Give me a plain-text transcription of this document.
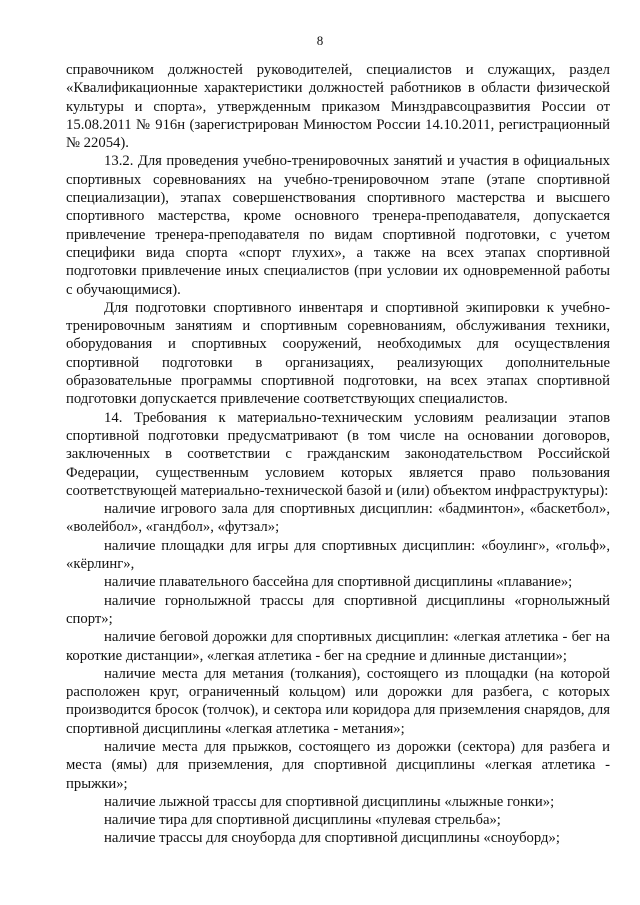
8

справочником должностей руководителей, специалистов и служащих, раздел «Квалификационные характеристики должностей работников в области физической культуры и спорта», утвержденным приказом Минздравсоцразвития России от 15.08.2011 № 916н (зарегистрирован Минюстом России 14.10.2011, регистрационный № 22054).

13.2. Для проведения учебно-тренировочных занятий и участия в официальных спортивных соревнованиях на учебно-тренировочном этапе (этапе спортивной специализации), этапах совершенствования спортивного мастерства и высшего спортивного мастерства, кроме основного тренера-преподавателя, допускается привлечение тренера-преподавателя по видам спортивной подготовки, с учетом специфики вида спорта «спорт глухих», а также на всех этапах спортивной подготовки привлечение иных специалистов (при условии их одновременной работы с обучающимися).

Для подготовки спортивного инвентаря и спортивной экипировки к учебно-тренировочным занятиям и спортивным соревнованиям, обслуживания техники, оборудования и спортивных сооружений, необходимых для осуществления спортивной подготовки в организациях, реализующих дополнительные образовательные программы спортивной подготовки, на всех этапах спортивной подготовки допускается привлечение соответствующих специалистов.

14. Требования к материально-техническим условиям реализации этапов спортивной подготовки предусматривают (в том числе на основании договоров, заключенных в соответствии с гражданским законодательством Российской Федерации, существенным условием которых является право пользования соответствующей материально-технической базой и (или) объектом инфраструктуры):

наличие игрового зала для спортивных дисциплин: «бадминтон», «баскетбол», «волейбол», «гандбол», «футзал»;

наличие площадки для игры для спортивных дисциплин: «боулинг», «гольф», «кёрлинг»,

наличие плавательного бассейна для спортивной дисциплины «плавание»;

наличие горнолыжной трассы для спортивной дисциплины «горнолыжный спорт»;

наличие беговой дорожки для спортивных дисциплин: «легкая атлетика - бег на короткие дистанции», «легкая атлетика - бег на средние и длинные дистанции»;

наличие места для метания (толкания), состоящего из площадки (на которой расположен круг, ограниченный кольцом) или дорожки для разбега, с которых производится бросок (толчок), и сектора или коридора для приземления снарядов, для спортивной дисциплины «легкая атлетика - метания»;

наличие места для прыжков, состоящего из дорожки (сектора) для разбега и места (ямы) для приземления, для спортивной дисциплины «легкая атлетика - прыжки»;

наличие лыжной трассы для спортивной дисциплины «лыжные гонки»;

наличие тира для спортивной дисциплины «пулевая стрельба»;

наличие трассы для сноуборда для спортивной дисциплины «сноуборд»;
